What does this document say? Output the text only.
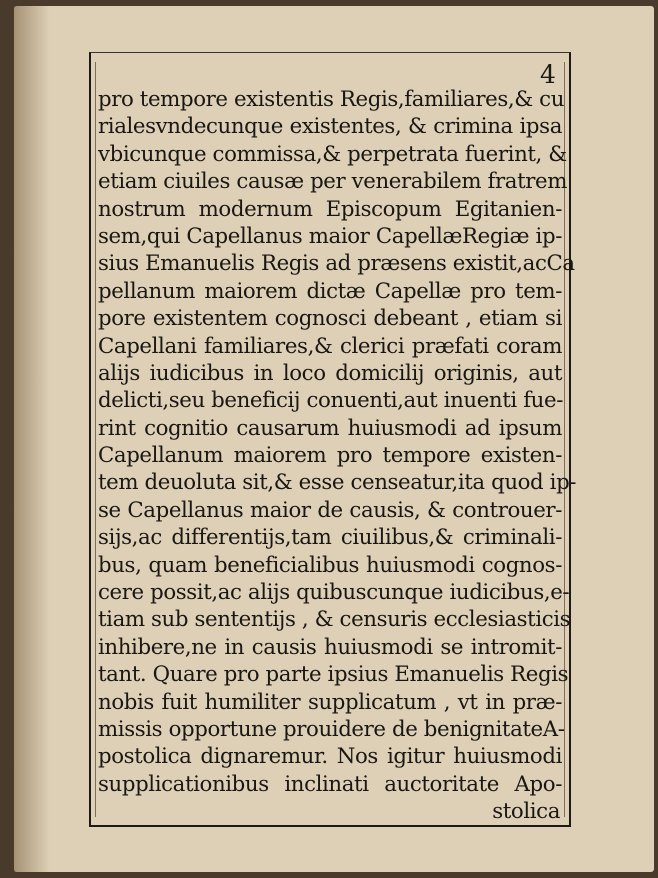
4
pro tempore existentis Regis,familiares,& cu
rialesvndecunque existentes, & crimina ipsa
vbicunque commissa,& perpetrata fuerint, &
etiam ciuiles causæ per venerabilem fratrem
nostrum modernum Episcopum Egitanien-
sem,qui Capellanus maior CapellæRegiæ ip-
sius Emanuelis Regis ad præsens existit,acCa
pellanum maiorem dictæ Capellæ pro tem-
pore existentem cognosci debeant , etiam si
Capellani familiares,& clerici præfati coram
alijs iudicibus in loco domicilij originis, aut
delicti,seu beneficij conuenti,aut inuenti fue-
rint cognitio causarum huiusmodi ad ipsum
Capellanum maiorem pro tempore existen-
tem deuoluta sit,& esse censeatur,ita quod ip-
se Capellanus maior de causis, & controuer-
sijs,ac differentijs,tam ciuilibus,& criminali-
bus, quam beneficialibus huiusmodi cognos-
cere possit,ac alijs quibuscunque iudicibus,e-
tiam sub sententijs , & censuris ecclesiasticis
inhibere,ne in causis huiusmodi se intromit-
tant. Quare pro parte ipsius Emanuelis Regis
nobis fuit humiliter supplicatum , vt in præ-
missis opportune prouidere de benignitateA-
postolica dignaremur. Nos igitur huiusmodi
supplicationibus inclinati auctoritate Apo-
stolica
